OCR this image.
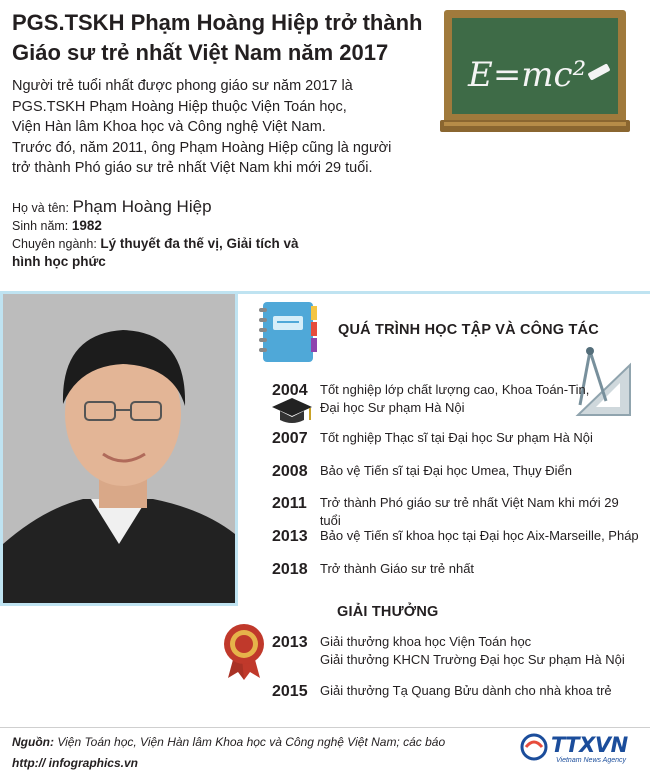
PGS.TSKH Phạm Hoàng Hiệp trở thành
Giáo sư trẻ nhất Việt Nam năm 2017
Người trẻ tuổi nhất được phong giáo sư năm 2017 là
PGS.TSKH Phạm Hoàng Hiệp thuộc Viện Toán học,
Viện Hàn lâm Khoa học và Công nghệ Việt Nam.
Trước đó, năm 2011, ông Phạm Hoàng Hiệp cũng là người
trở thành Phó giáo sư trẻ nhất Việt Nam khi mới 29 tuổi.
E=mc²
Họ và tên: Phạm Hoàng Hiệp
Sinh năm: 1982
Chuyên ngành: Lý thuyết đa thế vị, Giải tích và
hình học phức
QUÁ TRÌNH HỌC TẬP VÀ CÔNG TÁC
2004 Tốt nghiệp lớp chất lượng cao, Khoa Toán-Tin,
Đại học Sư phạm Hà Nội
2007 Tốt nghiệp Thạc sĩ tại Đại học Sư phạm Hà Nội
2008 Bảo vệ Tiến sĩ tại Đại học Umea, Thụy Điển
2011	Trở thành Phó giáo sư trẻ nhất Việt Nam khi mới 29 tuổi
2013 Bảo vệ Tiến sĩ khoa học tại Đại học Aix-Marseille, Pháp
2018 Trở thành Giáo sư trẻ nhất
GIẢI THƯỞNG
2013 Giải thưởng khoa học Viện Toán học
Giải thưởng KHCN Trường Đại học Sư phạm Hà Nội
2015 Giải thưởng Tạ Quang Bửu dành cho nhà khoa trẻ
Nguồn: Viện Toán học, Viện Hàn lâm Khoa học và Công nghệ Việt Nam; các báo
http:// infographics.vn
TTXVN
Vietnam News Agency
